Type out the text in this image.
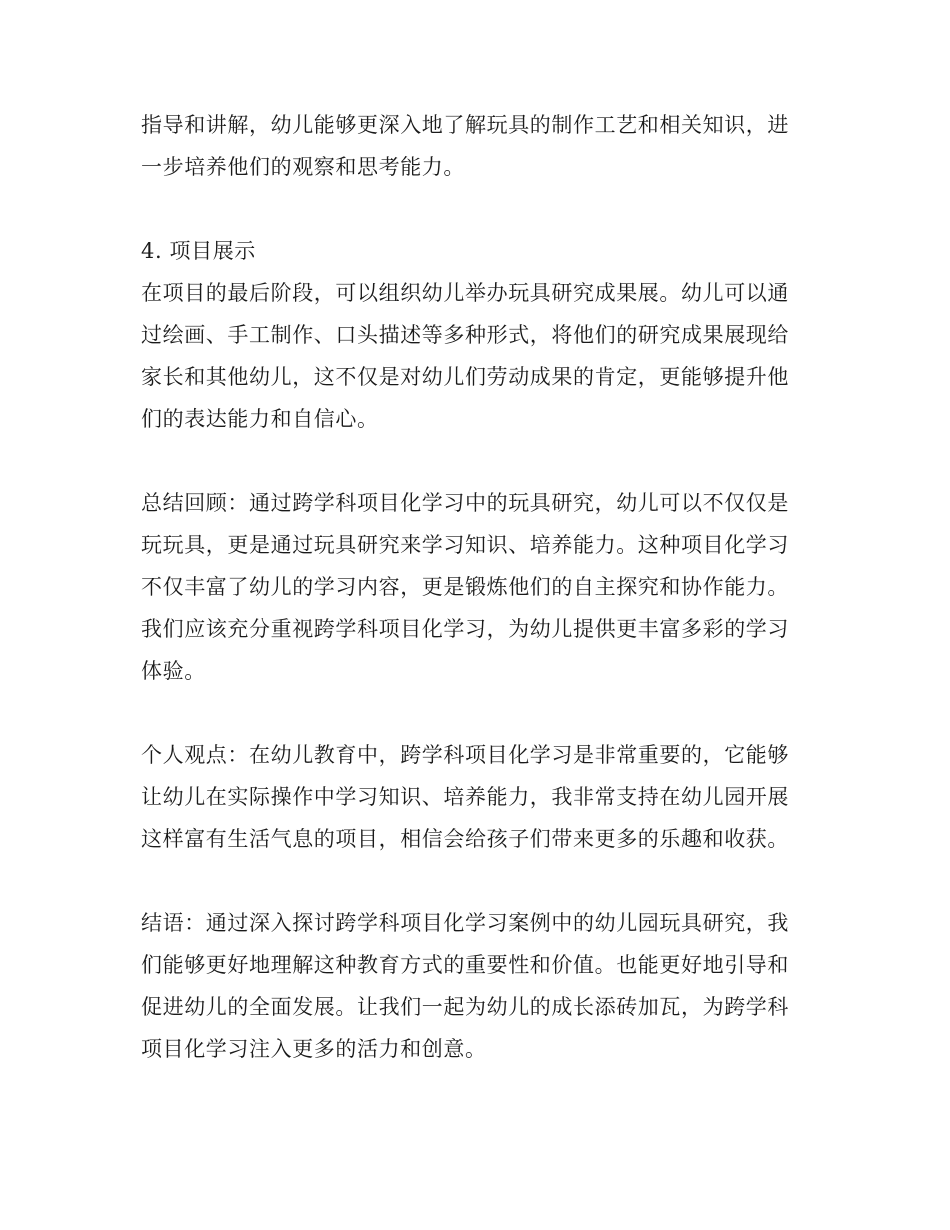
指导和讲解，幼儿能够更深入地了解玩具的制作工艺和相关知识，进
一步培养他们的观察和思考能力。

4. 项目展示

在项目的最后阶段，可以组织幼儿举办玩具研究成果展。幼儿可以通
过绘画、手工制作、口头描述等多种形式，将他们的研究成果展现给
家长和其他幼儿，这不仅是对幼儿们劳动成果的肯定，更能够提升他
们的表达能力和自信心。

总结回顾：通过跨学科项目化学习中的玩具研究，幼儿可以不仅仅是
玩玩具，更是通过玩具研究来学习知识、培养能力。这种项目化学习
不仅丰富了幼儿的学习内容，更是锻炼他们的自主探究和协作能力。
我们应该充分重视跨学科项目化学习，为幼儿提供更丰富多彩的学习
体验。

个人观点：在幼儿教育中，跨学科项目化学习是非常重要的，它能够
让幼儿在实际操作中学习知识、培养能力，我非常支持在幼儿园开展
这样富有生活气息的项目，相信会给孩子们带来更多的乐趣和收获。

结语：通过深入探讨跨学科项目化学习案例中的幼儿园玩具研究，我
们能够更好地理解这种教育方式的重要性和价值。也能更好地引导和
促进幼儿的全面发展。让我们一起为幼儿的成长添砖加瓦，为跨学科
项目化学习注入更多的活力和创意。
